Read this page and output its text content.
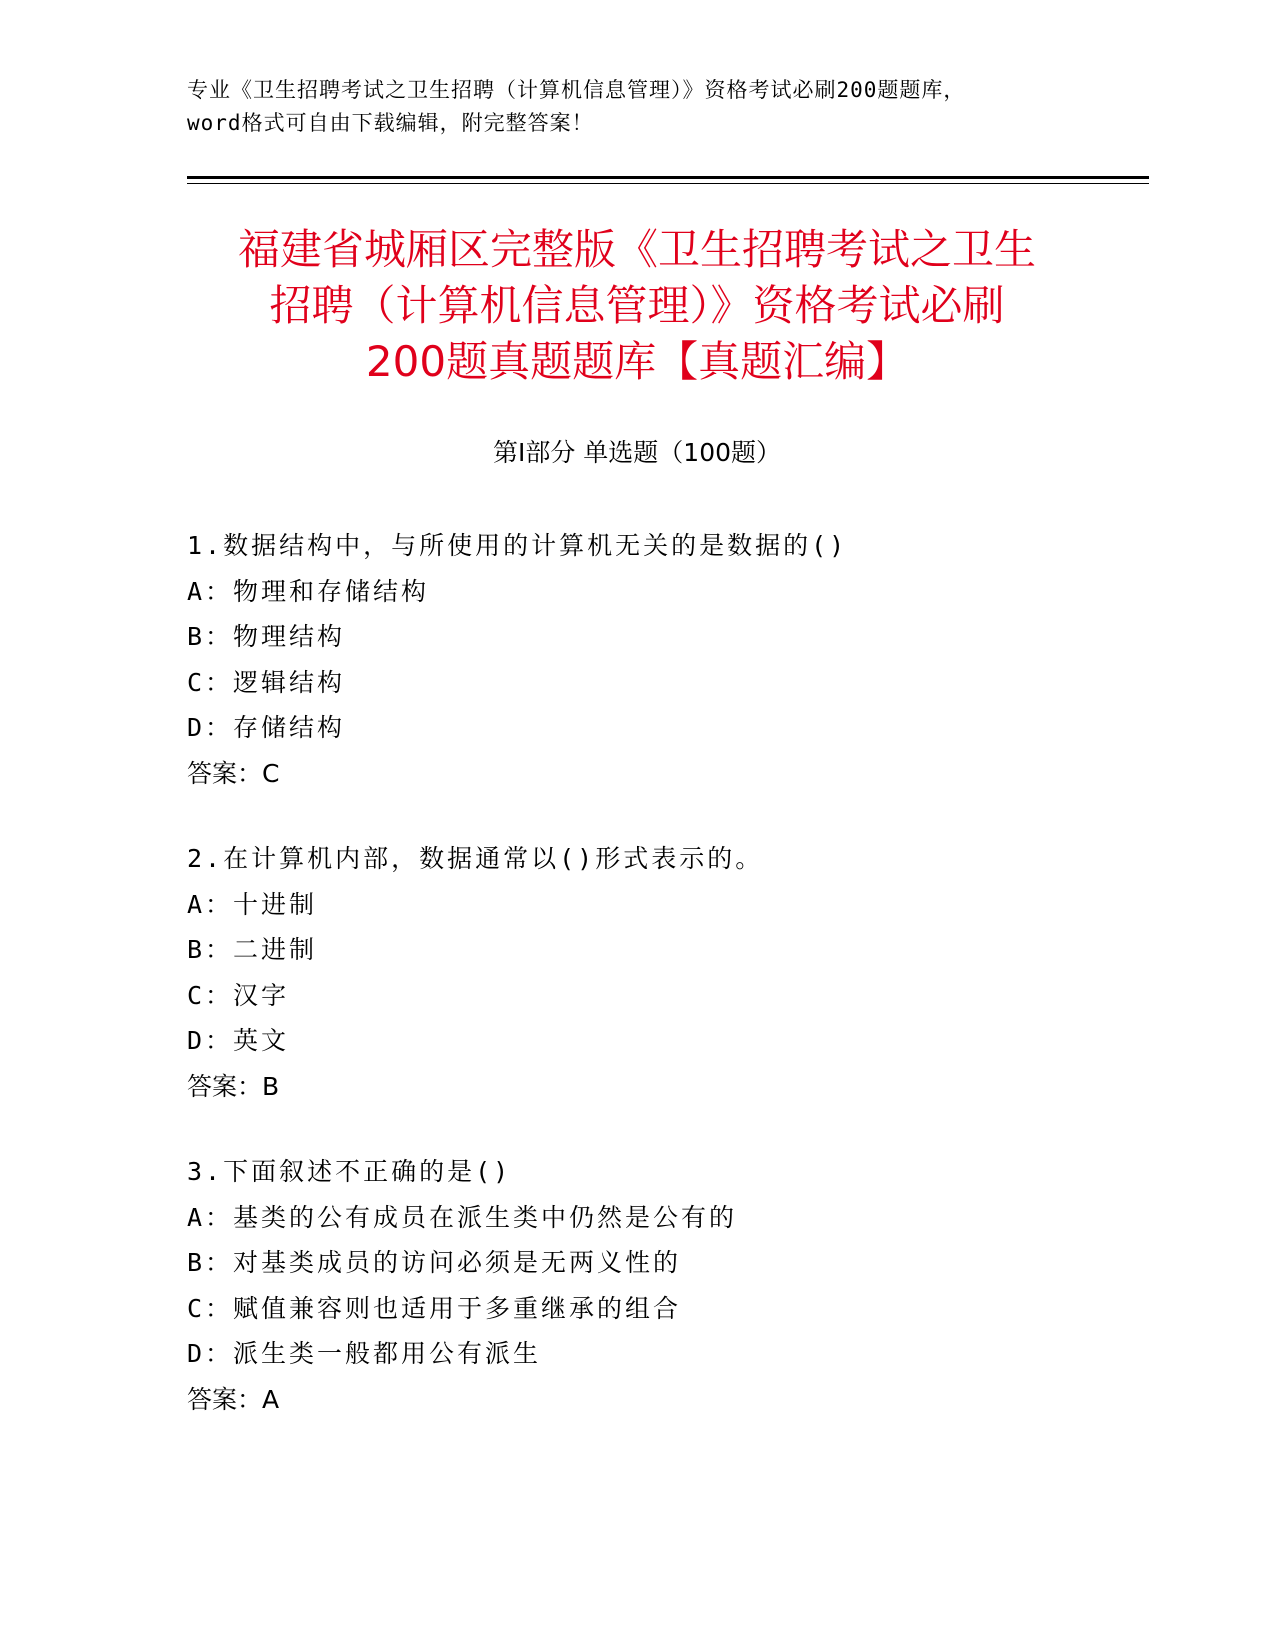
专业《卫生招聘考试之卫生招聘（计算机信息管理）》资格考试必刷200题题库，
word格式可自由下载编辑，附完整答案！
福建省城厢区完整版《卫生招聘考试之卫生
招聘（计算机信息管理）》资格考试必刷
200题真题题库【真题汇编】
第I部分 单选题（100题）
1.数据结构中，与所使用的计算机无关的是数据的()
A：物理和存储结构
B：物理结构
C：逻辑结构
D：存储结构
答案：C
2.在计算机内部，数据通常以()形式表示的。
A：十进制
B：二进制
C：汉字
D：英文
答案：B
3.下面叙述不正确的是()
A：基类的公有成员在派生类中仍然是公有的
B：对基类成员的访问必须是无两义性的
C：赋值兼容则也适用于多重继承的组合
D：派生类一般都用公有派生
答案：A
